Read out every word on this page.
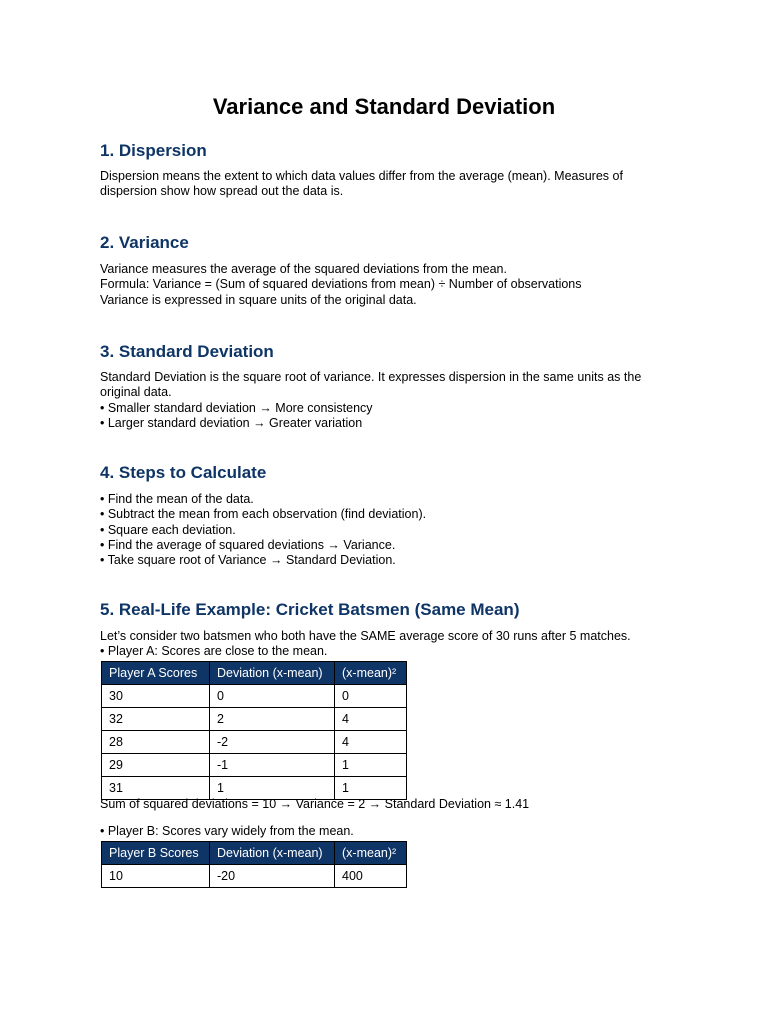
Variance and Standard Deviation
1. Dispersion

Dispersion means the extent to which data values differ from the average (mean). Measures of dispersion show how spread out the data is.

2. Variance

Variance measures the average of the squared deviations from the mean.
Formula: Variance = (Sum of squared deviations from mean) ÷ Number of observations
Variance is expressed in square units of the original data.

3. Standard Deviation

Standard Deviation is the square root of variance. It expresses dispersion in the same units as the original data.
• Smaller standard deviation → More consistency
• Larger standard deviation → Greater variation

4. Steps to Calculate

• Find the mean of the data.
• Subtract the mean from each observation (find deviation).
• Square each deviation.
• Find the average of squared deviations → Variance.
• Take square root of Variance → Standard Deviation.

5. Real-Life Example: Cricket Batsmen (Same Mean)

Let’s consider two batsmen who both have the SAME average score of 30 runs after 5 matches.
• Player A: Scores are close to the mean.

Player A Scores	Deviation (x-mean)	(x-mean)²
30	0	0
32	2	4
28	-2	4
29	-1	1
31	1	1

Sum of squared deviations = 10 → Variance = 2 → Standard Deviation ≈ 1.41

• Player B: Scores vary widely from the mean.

Player B Scores	Deviation (x-mean)	(x-mean)²
10	-20	400
